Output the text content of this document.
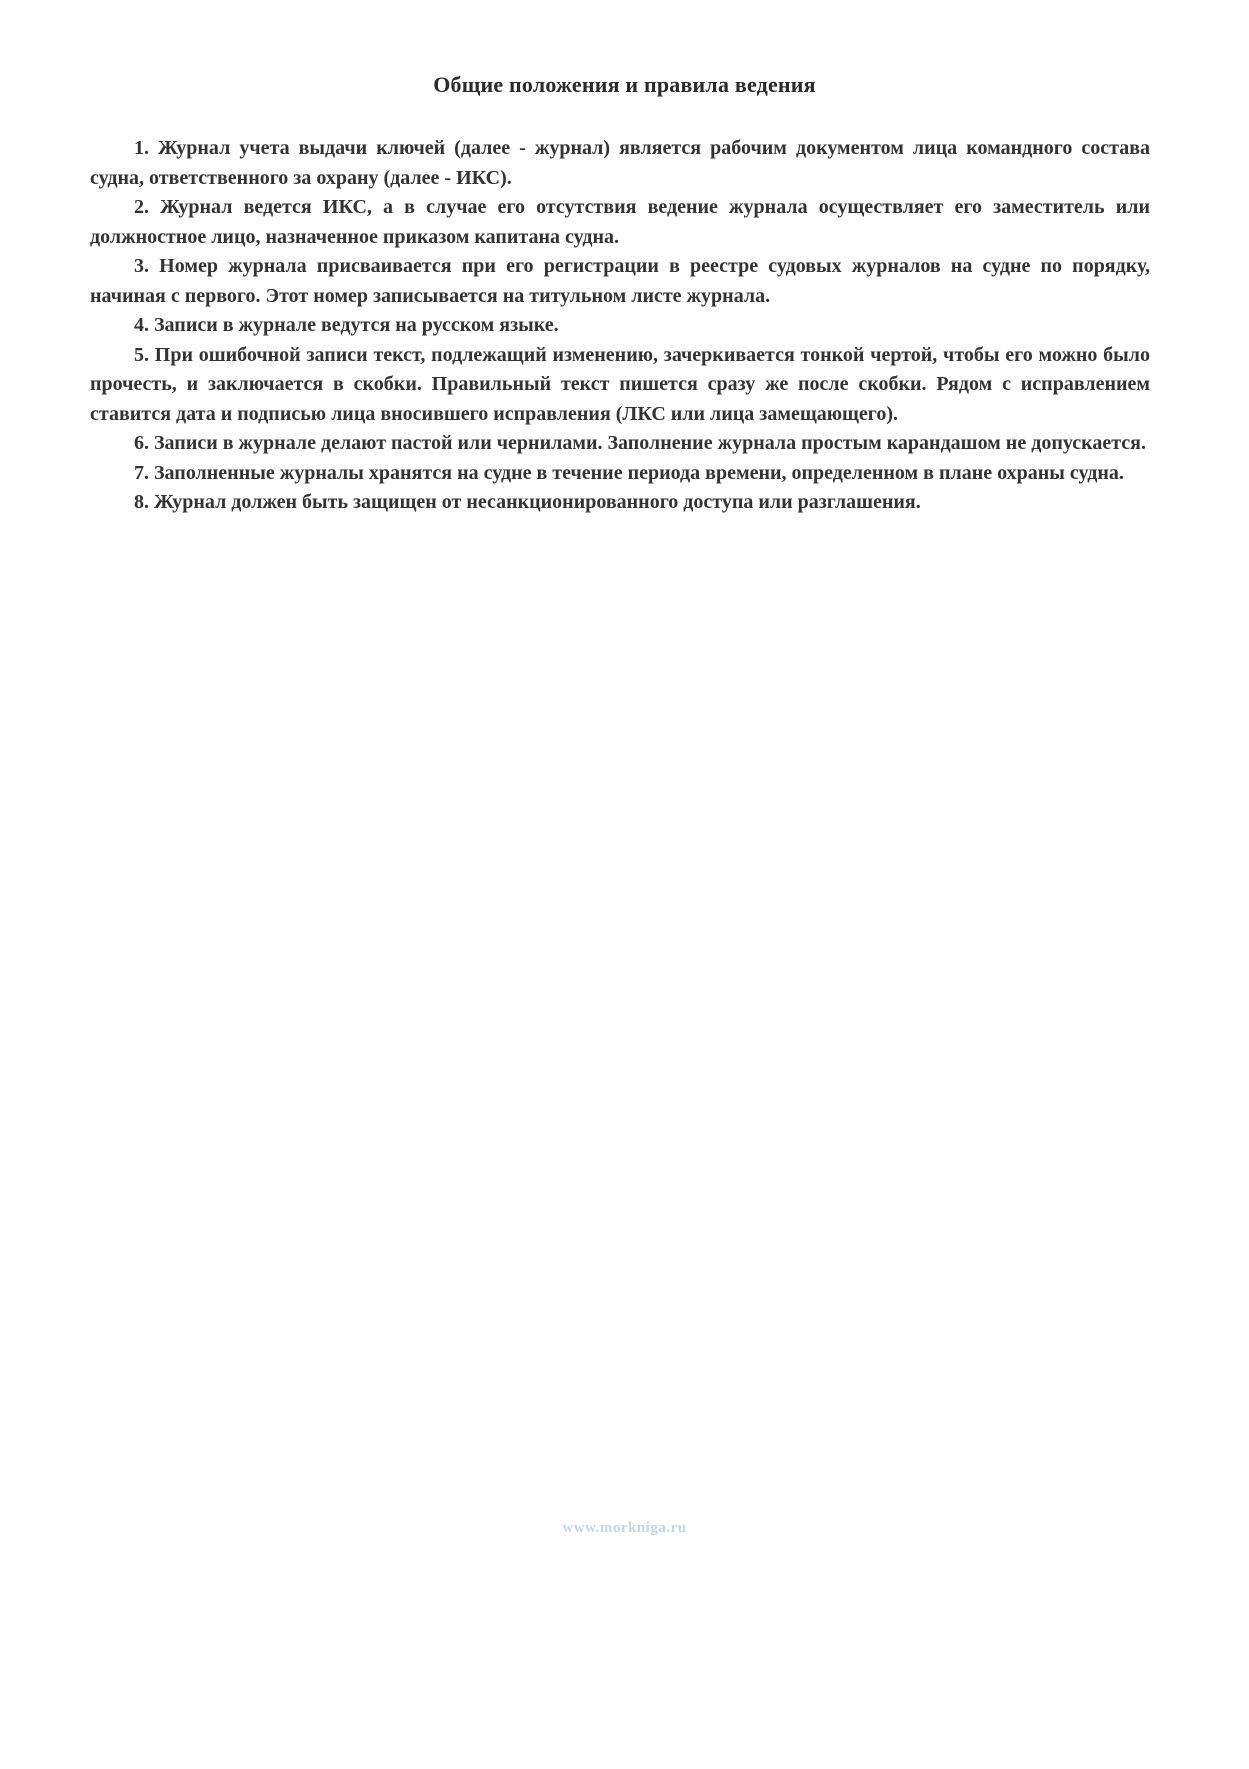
Общие положения и правила ведения
1. Журнал учета выдачи ключей (далее - журнал) является рабочим документом лица командного состава судна, ответственного за охрану (далее - ИКС).
2. Журнал ведется ИКС, а в случае его отсутствия ведение журнала осуществляет его заместитель или должностное лицо, назначенное приказом капитана судна.
3. Номер журнала присваивается при его регистрации в реестре судовых журналов на судне по порядку, начиная с первого. Этот номер записывается на титульном листе журнала.
4. Записи в журнале ведутся на русском языке.
5. При ошибочной записи текст, подлежащий изменению, зачеркивается тонкой чертой, чтобы его можно было прочесть, и заключается в скобки. Правильный текст пишется сразу же после скобки. Рядом с исправлением ставится дата и подписью лица вносившего исправления (ЛКС или лица замещающего).
6. Записи в журнале делают пастой или чернилами. Заполнение журнала простым карандашом не допускается.
7. Заполненные журналы хранятся на судне в течение периода времени, определенном в плане охраны судна.
8. Журнал должен быть защищен от несанкционированного доступа или разглашения.
www.morkniga.ru
